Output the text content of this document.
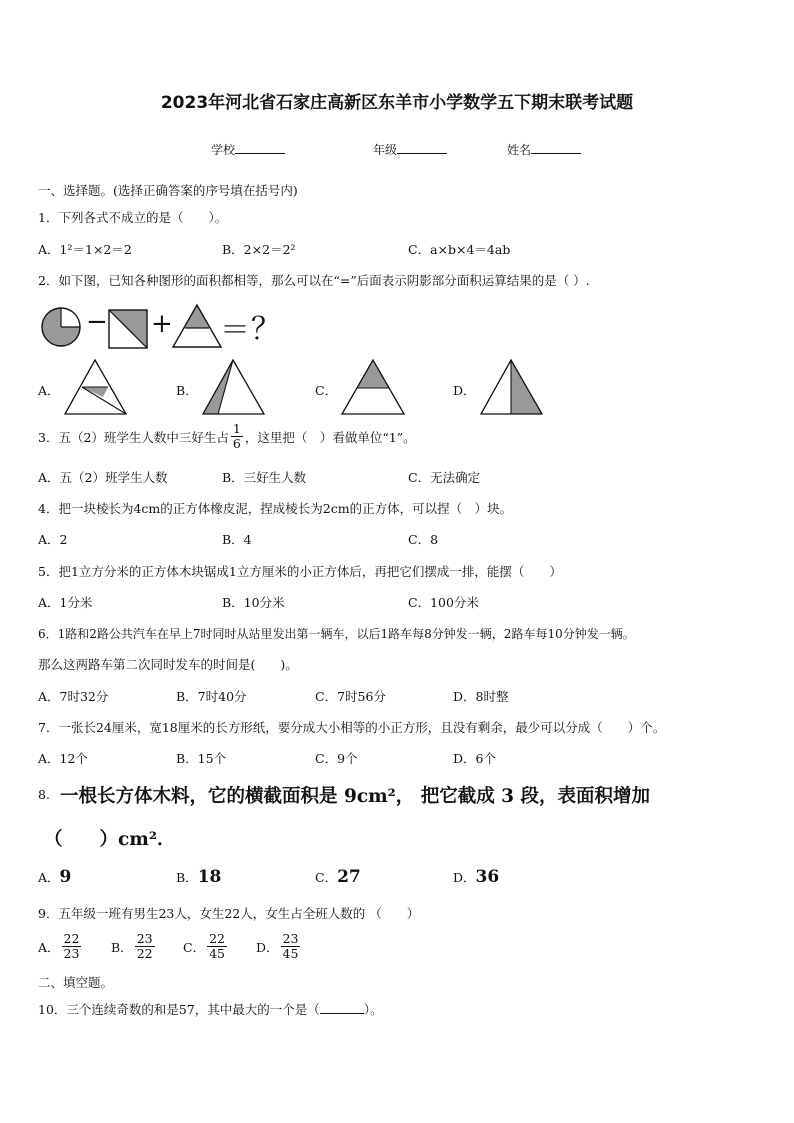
2023年河北省石家庄高新区东羊市小学数学五下期末联考试题
学校	年级	姓名
一、选择题。(选择正确答案的序号填在括号内)
1．下列各式不成立的是（　　）。
A．1²＝1×2＝2	B．2×2＝2²	C．a×b×4＝4ab
2．如下图，已知各种图形的面积都相等，那么可以在“=”后面表示阴影部分面积运算结果的是（ ）.
− + ＝ ？
A．	B．	C．	D．
3．五（2）班学生人数中三好生占 $\frac{1}{6}$ ，这里把（　）看做单位“1”。
A．五（2）班学生人数	B．三好生人数	C．无法确定
4．把一块棱长为4cm的正方体橡皮泥，捏成棱长为2cm的正方体，可以捏（　）块。
A．2	B．4	C．8
5．把1立方分米的正方体木块锯成1立方厘米的小正方体后，再把它们摆成一排，能摆（　　）
A．1分米	B．10分米	C．100分米
6．1路和2路公共汽车在早上7时同时从站里发出第一辆车，以后1路车每8分钟发一辆，2路车每10分钟发一辆。
那么这两路车第二次同时发车的时间是(　　)。
A．7时32分	B．7时40分	C．7时56分	D．8时整
7．一张长24厘米，宽18厘米的长方形纸，要分成大小相等的小正方形，且没有剩余，最少可以分成（　　）个。
A．12个	B．15个	C．9个	D．6个
8. 一根长方体木料，它的横截面积是 9cm²， 把它截成 3 段，表面积增加
（　　）cm²．
A．9	B．18	C．27	D．36
9．五年级一班有男生23人，女生22人，女生占全班人数的 （　　）
A． $\frac{22}{23}$ B． $\frac{23}{22}$ C． $\frac{22}{45}$ D． $\frac{23}{45}$
二、填空题。
10．三个连续奇数的和是57，其中最大的一个是（	）。
